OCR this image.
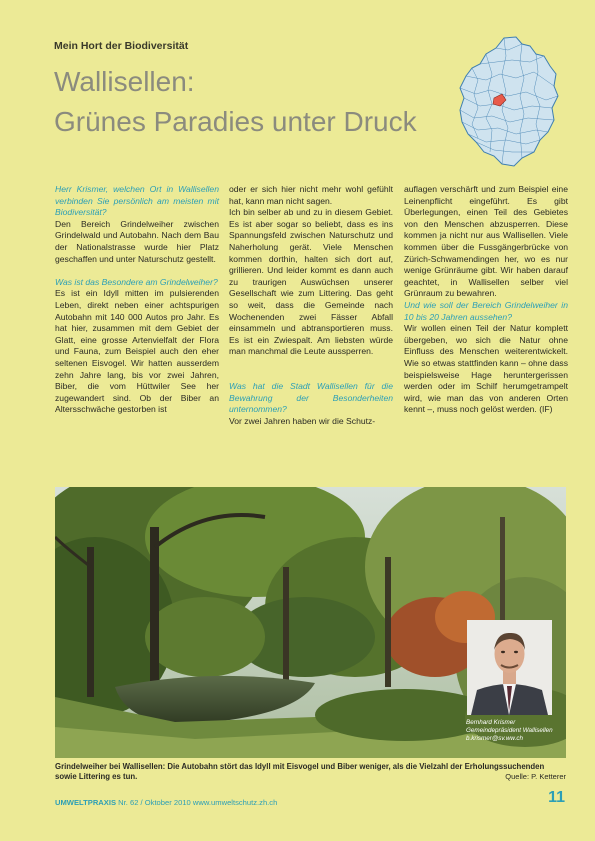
Mein Hort der Biodiversität
Wallisellen:
Grünes Paradies unter Druck

Herr Krismer, welchen Ort in Wallisellen verbinden Sie persönlich am meisten mit Biodiversität?

Den Bereich Grindelweiher zwischen Grindelwald und Autobahn. Nach dem Bau der Nationalstrasse wurde hier Platz geschaffen und unter Naturschutz gestellt.

Was ist das Besondere am Grindelweiher?

Es ist ein Idyll mitten im pulsierenden Leben, direkt neben einer achtspurigen Autobahn mit 140 000 Autos pro Jahr. Es hat hier, zusammen mit dem Gebiet der Glatt, eine grosse Artenvielfalt der Flora und Fauna, zum Beispiel auch den eher seltenen Eisvogel. Wir hatten ausserdem zehn Jahre lang, bis vor zwei Jahren, Biber, die vom Hüttwiler See her zugewandert sind. Ob der Biber an Altersschwäche gestorben ist

oder er sich hier nicht mehr wohl gefühlt hat, kann man nicht sagen.

Ich bin selber ab und zu in diesem Gebiet. Es ist aber sogar so beliebt, dass es ins Spannungsfeld zwischen Naturschutz und Naherholung gerät. Viele Menschen kommen dorthin, halten sich dort auf, grillieren. Und leider kommt es dann auch zu traurigen Auswüchsen unserer Gesellschaft wie zum Littering. Das geht so weit, dass die Gemeinde nach Wochenenden zwei Fässer Abfall einsammeln und abtransportieren muss. Es ist ein Zwiespalt. Am liebsten würde man manchmal die Leute aussperren.

Was hat die Stadt Wallisellen für die Bewahrung der Besonderheiten unternommen?

Vor zwei Jahren haben wir die Schutz-

auflagen verschärft und zum Beispiel eine Leinenpflicht eingeführt. Es gibt Überlegungen, einen Teil des Gebietes von den Menschen abzusperren. Diese kommen ja nicht nur aus Wallisellen. Viele kommen über die Fussgängerbrücke von Zürich-Schwamendingen her, wo es nur wenige Grünräume gibt. Wir haben darauf geachtet, in Wallisellen selber viel Grünraum zu bewahren.

Und wie soll der Bereich Grindelweiher in 10 bis 20 Jahren aussehen?

Wir wollen einen Teil der Natur komplett übergeben, wo sich die Natur ohne Einfluss des Menschen weiterentwickelt. Wie so etwas stattfinden kann – ohne dass beispielsweise Hage heruntergerissen werden oder im Schilf herumgetrampelt wird, wie man das von anderen Orten kennt –, muss noch gelöst werden. (IF)

Bernhard Krismer
Gemeindepräsident Wallisellen
b.krismer@sv.ww.ch
Grindelweiher bei Wallisellen: Die Autobahn stört das Idyll mit Eisvogel und Biber weniger, als die Vielzahl der Erholungssuchenden sowie Littering es tun.	Quelle: P. Ketterer
UMWELTPRAXIS Nr. 62 / Oktober 2010 www.umweltschutz.zh.ch	11
